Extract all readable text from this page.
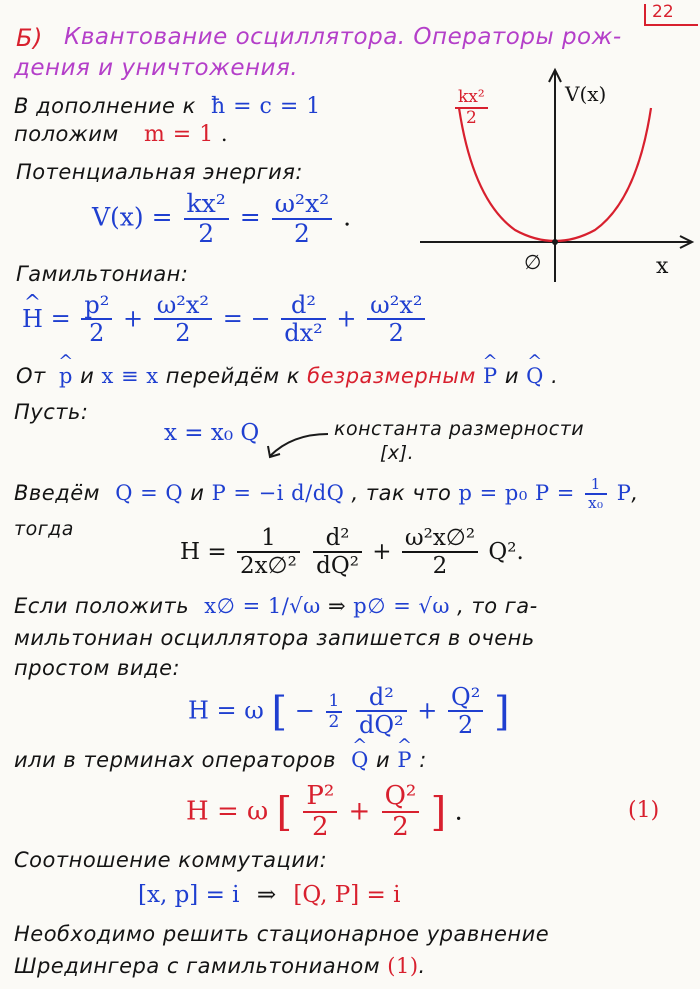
22
Б) Квантование осциллятора. Операторы рож-
дения и уничтожения.
В дополнение к ħ = c = 1
положим m = 1 .
Потенциальная энергия:
$V(x) = \frac{\text{kx²}}{2} = \frac{\text{ω²x²}}{2}$ .
V(x)
x
∅
$\frac{\text{kx²}}{2}$
Гамильтониан:
^ $H = \frac{\text{p²}}{2} + \frac{\text{ω²x²}}{2}$ = − $\frac{\text{d²}}{\text{dx²}} + \frac{\text{ω²x²}}{2}$
От ^ p и x ≡ x перейдём к безразмерным ^ P и ^ Q .
Пусть:
x = x₀ Q	константа размерности
[x].
Введём Q = Q и P = −i d/dQ , так что p = p₀ $P = \frac{1}{\text{x₀}} P$,
тогда
$H = \frac{1}{\text{2x∅²}}$
$\frac{\text{d²}}{\text{dQ²}} + \frac{\text{ω²x∅²}}{2} Q^2$.
Если положить x∅ = 1/√ω ⇒ p∅ = √ω , то га-
мильтониан осциллятора запишется в очень
простом виде:
H = ω [ − $\frac{1}{2}$
$\frac{\text{d²}}{\text{dQ²}} + \frac{\text{Q²}}{2}$ ]
или в терминах операторов ^ Q и ^ P :
H = ω [ $\frac{\text{P²}}{2} + \frac{\text{Q²}}{2}$ ] .	(1)
Соотношение коммутации:
[x, p] = i ⇒ [Q, P] = i
Необходимо решить стационарное уравнение
Шредингера с гамильтонианом (1).
